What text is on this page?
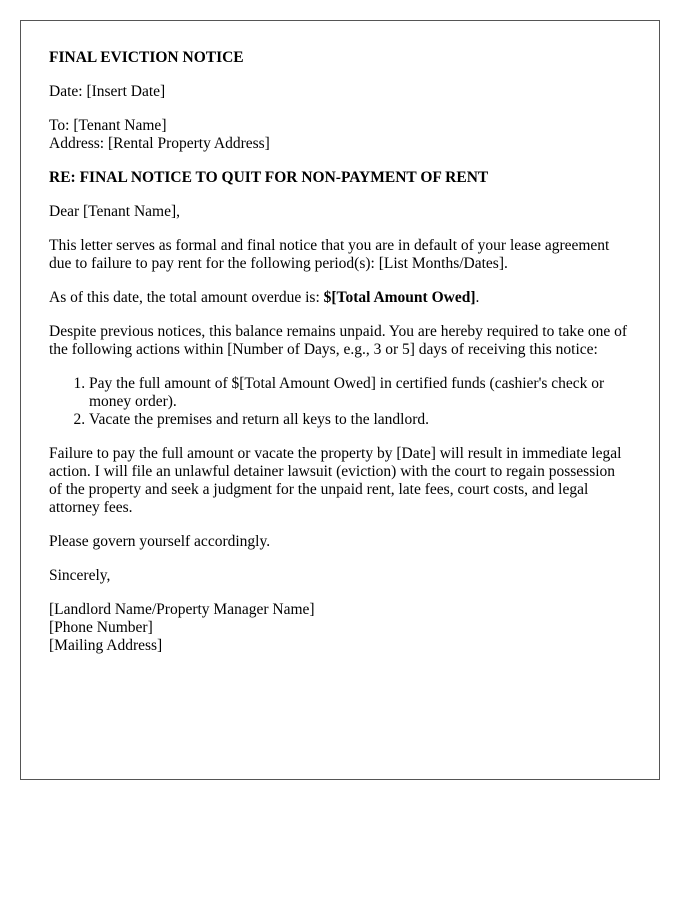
FINAL EVICTION NOTICE

Date: [Insert Date]

To: [Tenant Name]
Address: [Rental Property Address]

RE: FINAL NOTICE TO QUIT FOR NON-PAYMENT OF RENT

Dear [Tenant Name],

This letter serves as formal and final notice that you are in default of your lease agreement due to failure to pay rent for the following period(s): [List Months/Dates].

As of this date, the total amount overdue is: $[Total Amount Owed].

Despite previous notices, this balance remains unpaid. You are hereby required to take one of the following actions within [Number of Days, e.g., 3 or 5] days of receiving this notice:

1. Pay the full amount of $[Total Amount Owed] in certified funds (cashier's check or money order).
2. Vacate the premises and return all keys to the landlord.

Failure to pay the full amount or vacate the property by [Date] will result in immediate legal action. I will file an unlawful detainer lawsuit (eviction) with the court to regain possession of the property and seek a judgment for the unpaid rent, late fees, court costs, and legal attorney fees.

Please govern yourself accordingly.

Sincerely,

[Landlord Name/Property Manager Name]
[Phone Number]
[Mailing Address]
